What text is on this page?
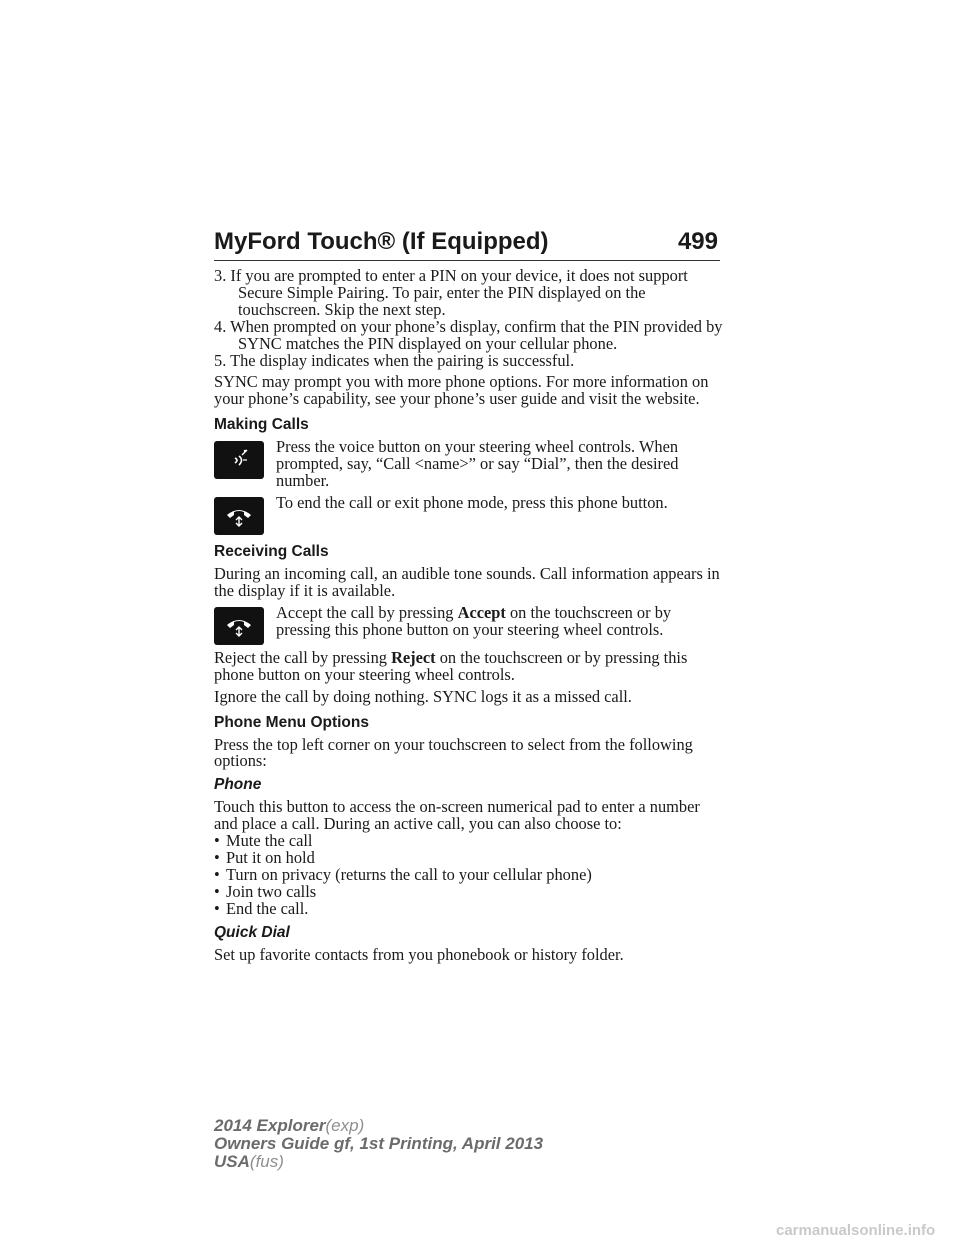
MyFord Touch® (If Equipped)	499

3. If you are prompted to enter a PIN on your device, it does not support Secure Simple Pairing. To pair, enter the PIN displayed on the touchscreen. Skip the next step.

4. When prompted on your phone’s display, confirm that the PIN provided by SYNC matches the PIN displayed on your cellular phone.

5. The display indicates when the pairing is successful.

SYNC may prompt you with more phone options. For more information on your phone’s capability, see your phone’s user guide and visit the website.

Making Calls

Press the voice button on your steering wheel controls. When prompted, say, “Call <name>” or say “Dial”, then the desired number.

To end the call or exit phone mode, press this phone button.

Receiving Calls

During an incoming call, an audible tone sounds. Call information appears in the display if it is available.

Accept the call by pressing Accept on the touchscreen or by pressing this phone button on your steering wheel controls.

Reject the call by pressing Reject on the touchscreen or by pressing this phone button on your steering wheel controls.

Ignore the call by doing nothing. SYNC logs it as a missed call.

Phone Menu Options

Press the top left corner on your touchscreen to select from the following options:

Phone

Touch this button to access the on-screen numerical pad to enter a number and place a call. During an active call, you can also choose to:

• Mute the call

• Put it on hold

• Turn on privacy (returns the call to your cellular phone)

• Join two calls

• End the call.

Quick Dial

Set up favorite contacts from you phonebook or history folder.

2014 Explorer(exp)
Owners Guide gf, 1st Printing, April 2013
USA(fus)
carmanualsonline.info
